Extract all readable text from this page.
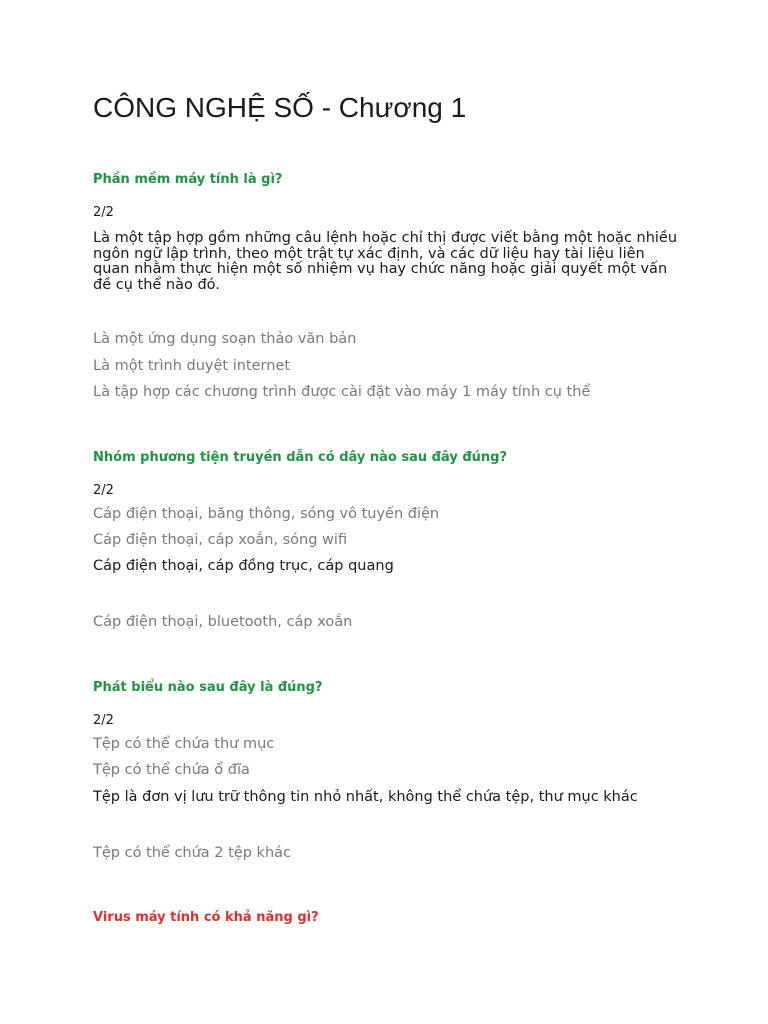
CÔNG NGHỆ SỐ - Chương 1
Phần mềm máy tính là gì?
2/2
Là một tập hợp gồm những câu lệnh hoặc chỉ thị được viết bằng một hoặc nhiều ngôn ngữ lập trình, theo một trật tự xác định, và các dữ liệu hay tài liệu liên quan nhằm thực hiện một số nhiệm vụ hay chức năng hoặc giải quyết một vấn đề cụ thể nào đó.
Là một ứng dụng soạn thảo văn bản
Là một trình duyệt internet
Là tập hợp các chương trình được cài đặt vào máy 1 máy tính cụ thể
Nhóm phương tiện truyền dẫn có dây nào sau đây đúng?
2/2
Cáp điện thoại, băng thông, sóng vô tuyến điện
Cáp điện thoại, cáp xoắn, sóng wifi
Cáp điện thoại, cáp đồng trục, cáp quang
Cáp điện thoại, bluetooth, cáp xoắn
Phát biểu nào sau đây là đúng?
2/2
Tệp có thể chứa thư mục
Tệp có thể chứa ổ đĩa
Tệp là đơn vị lưu trữ thông tin nhỏ nhất, không thể chứa tệp, thư mục khác
Tệp có thể chứa 2 tệp khác
Virus máy tính có khả năng gì?
